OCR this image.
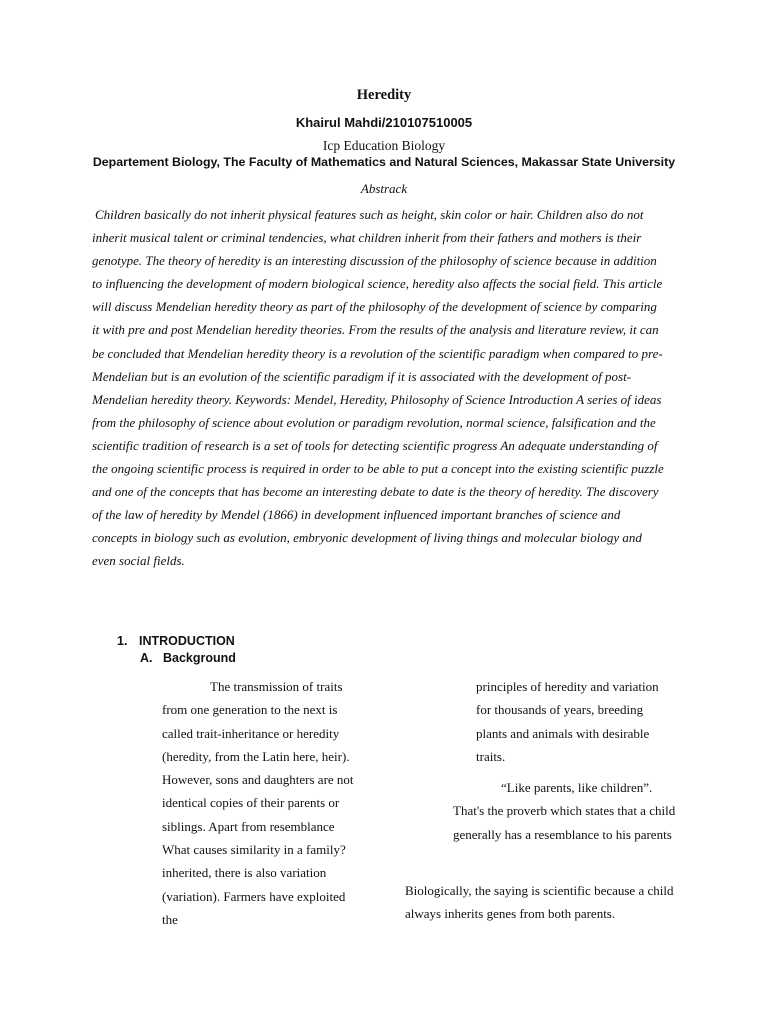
Heredity
Khairul Mahdi/210107510005
Icp Education Biology
Departement Biology, The Faculty of Mathematics and Natural Sciences, Makassar State University
Abstrack

Children basically do not inherit physical features such as height, skin color or hair. Children also do not inherit musical talent or criminal tendencies, what children inherit from their fathers and mothers is their genotype. The theory of heredity is an interesting discussion of the philosophy of science because in addition to influencing the development of modern biological science, heredity also affects the social field. This article will discuss Mendelian heredity theory as part of the philosophy of the development of science by comparing it with pre and post Mendelian heredity theories. From the results of the analysis and literature review, it can be concluded that Mendelian heredity theory is a revolution of the scientific paradigm when compared to pre-Mendelian but is an evolution of the scientific paradigm if it is associated with the development of post-Mendelian heredity theory. Keywords: Mendel, Heredity, Philosophy of Science Introduction A series of ideas from the philosophy of science about evolution or paradigm revolution, normal science, falsification and the scientific tradition of research is a set of tools for detecting scientific progress An adequate understanding of the ongoing scientific process is required in order to be able to put a concept into the existing scientific puzzle and one of the concepts that has become an interesting debate to date is the theory of heredity. The discovery of the law of heredity by Mendel (1866) in development influenced important branches of science and concepts in biology such as evolution, embryonic development of living things and molecular biology and even social fields.

1. INTRODUCTION
A. Background

The transmission of traits from one generation to the next is called trait-inheritance or heredity (heredity, from the Latin here, heir). However, sons and daughters are not identical copies of their parents or siblings. Apart from resemblance What causes similarity in a family? inherited, there is also variation (variation). Farmers have exploited the

principles of heredity and variation for thousands of years, breeding plants and animals with desirable traits.

“Like parents, like children”. That's the proverb which states that a child generally has a resemblance to his parents

Biologically, the saying is scientific because a child always inherits genes from both parents.
